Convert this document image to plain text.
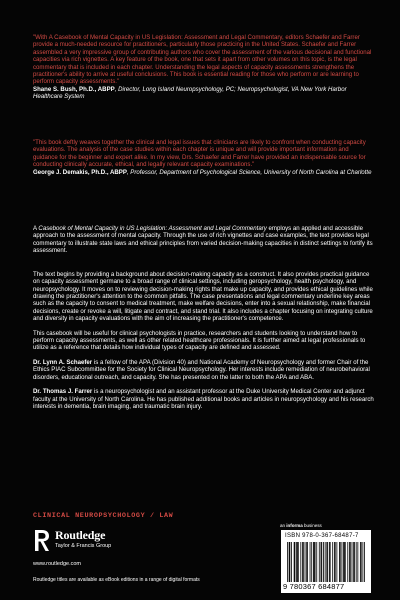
"With A Casebook of Mental Capacity in US Legislation: Assessment and Legal Commentary, editors Schaefer and Farrer provide a much-needed resource for practitioners, particularly those practicing in the United States. Schaefer and Farrer assembled a very impressive group of contributing authors who cover the assessment of the various decisional and functional capacities via rich vignettes. A key feature of the book, one that sets it apart from other volumes on this topic, is the legal commentary that is included in each chapter. Understanding the legal aspects of capacity assessments strengthens the practitioner's ability to arrive at useful conclusions. This book is essential reading for those who perform or are learning to perform capacity assessments."
Shane S. Bush, Ph.D., ABPP, Director, Long Island Neuropsychology, PC; Neuropsychologist, VA New York Harbor Healthcare System
"This book deftly weaves together the clinical and legal issues that clinicians are likely to confront when conducting capacity evaluations. The analysis of the case studies within each chapter is unique and will provide important information and guidance for the beginner and expert alike. In my view, Drs. Schaefer and Farrer have provided an indispensable source for conducting clinically accurate, ethical, and legally relevant capacity examinations."
George J. Demakis, Ph.D., ABPP, Professor, Department of Psychological Science, University of North Carolina at Charlotte

A Casebook of Mental Capacity in US Legislation: Assessment and Legal Commentary employs an applied and accessible approach to the assessment of mental capacity. Through the use of rich vignettes and case examples, the text provides legal commentary to illustrate state laws and ethical principles from varied decision-making capacities in distinct settings to fortify its assessment.

The text begins by providing a background about decision-making capacity as a construct. It also provides practical guidance on capacity assessment germane to a broad range of clinical settings, including geropsychology, health psychology, and neuropsychology. It moves on to reviewing decision-making rights that make up capacity, and provides ethical guidelines while drawing the practitioner's attention to the common pitfalls. The case presentations and legal commentary underline key areas such as the capacity to consent to medical treatment, make welfare decisions, enter into a sexual relationship, make financial decisions, create or revoke a will, litigate and contract, and stand trial. It also includes a chapter focusing on integrating culture and diversity in capacity evaluations with the aim of increasing the practitioner's competence.

This casebook will be useful for clinical psychologists in practice, researchers and students looking to understand how to perform capacity assessments, as well as other related healthcare professionals. It is further aimed at legal professionals to utilize as a reference that details how individual types of capacity are defined and assessed.

Dr. Lynn A. Schaefer is a fellow of the APA (Division 40) and National Academy of Neuropsychology and former Chair of the Ethics PIAC Subcommittee for the Society for Clinical Neuropsychology. Her interests include remediation of neurobehavioral disorders, educational outreach, and capacity. She has presented on the latter to both the APA and ABA.

Dr. Thomas J. Farrer is a neuropsychologist and an assistant professor at the Duke University Medical Center and adjunct faculty at the University of North Carolina. He has published additional books and articles in neuropsychology and his research interests in dementia, brain imaging, and traumatic brain injury.

CLINICAL NEUROPSYCHOLOGY / LAW
Routledge
Taylor & Francis Group
www.routledge.com
Routledge titles are available as eBook editions in a range of digital formats
an informa business
ISBN 978-0-367-68487-7
9 780367 684877
